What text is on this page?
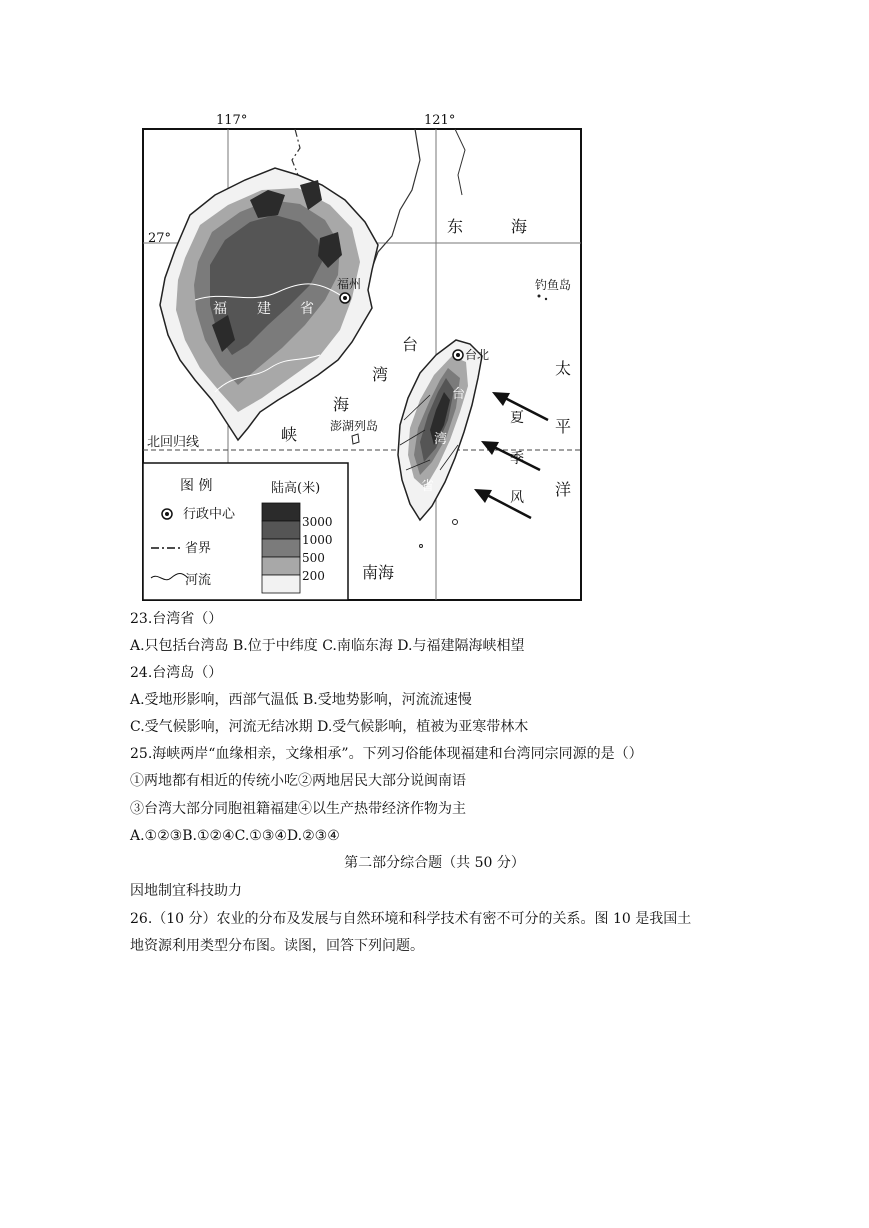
117°	121°
27°
北回归线
东	海
台
湾
海
峡
南海
太
平
洋
福州
台北
钓鱼岛
澎湖列岛
福 建 省
台
湾
省
夏
季
风
图 例
行政中心
省界
河流
陆高(米)
3000
1000
500
200
23.台湾省（）
A.只包括台湾岛 B.位于中纬度 C.南临东海 D.与福建隔海峡相望
24.台湾岛（）
A.受地形影响，西部气温低 B.受地势影响，河流流速慢
C.受气候影响，河流无结冰期 D.受气候影响，植被为亚寒带林木
25.海峡两岸“血缘相亲，文缘相承”。下列习俗能体现福建和台湾同宗同源的是（）
①两地都有相近的传统小吃②两地居民大部分说闽南语
③台湾大部分同胞祖籍福建④以生产热带经济作物为主
A.①②③B.①②④C.①③④D.②③④
第二部分综合题（共 50 分）
因地制宜科技助力
26.（10 分）农业的分布及发展与自然环境和科学技术有密不可分的关系。图 10 是我国土
地资源利用类型分布图。读图，回答下列问题。
